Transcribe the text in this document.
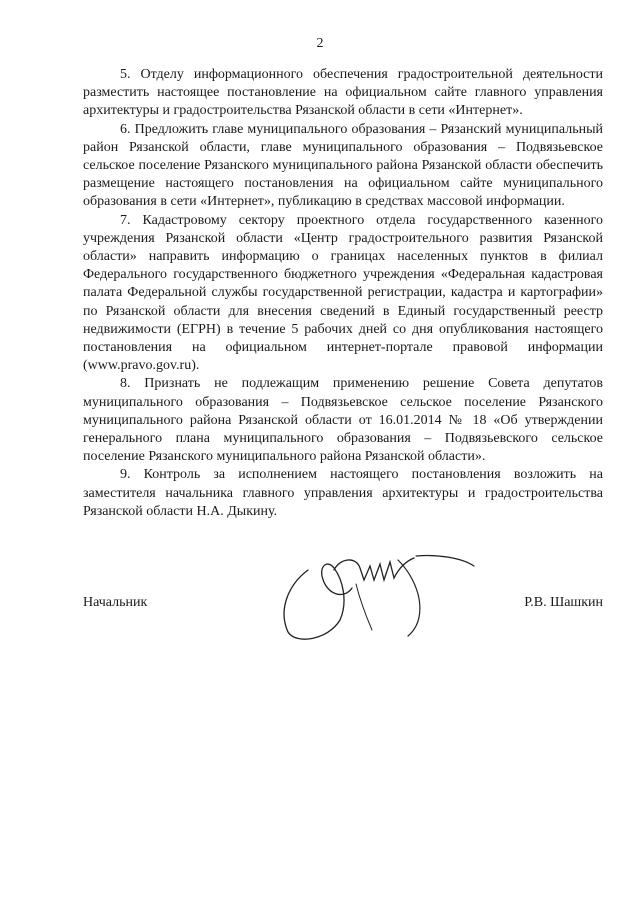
2

5. Отделу информационного обеспечения градостроительной деятельности разместить настоящее постановление на официальном сайте главного управления архитектуры и градостроительства Рязанской области в сети «Интернет».

6. Предложить главе муниципального образования – Рязанский муниципальный район Рязанской области, главе муниципального образования – Подвязьевское сельское поселение Рязанского муниципального района Рязанской области обеспечить размещение настоящего постановления на официальном сайте муниципального образования в сети «Интернет», публикацию в средствах массовой информации.

7. Кадастровому сектору проектного отдела государственного казенного учреждения Рязанской области «Центр градостроительного развития Рязанской области» направить информацию о границах населенных пунктов в филиал Федерального государственного бюджетного учреждения «Федеральная кадастровая палата Федеральной службы государственной регистрации, кадастра и картографии» по Рязанской области для внесения сведений в Единый государственный реестр недвижимости (ЕГРН) в течение 5 рабочих дней со дня опубликования настоящего постановления на официальном интернет-портале правовой информации (www.pravo.gov.ru).

8. Признать не подлежащим применению решение Совета депутатов муниципального образования – Подвязьевское сельское поселение Рязанского муниципального района Рязанской области от 16.01.2014 № 18 «Об утверждении генерального плана муниципального образования – Подвязьевского сельское поселение Рязанского муниципального района Рязанской области».

9. Контроль за исполнением настоящего постановления возложить на заместителя начальника главного управления архитектуры и градостроительства Рязанской области Н.А. Дыкину.

Начальник	Р.В. Шашкин
